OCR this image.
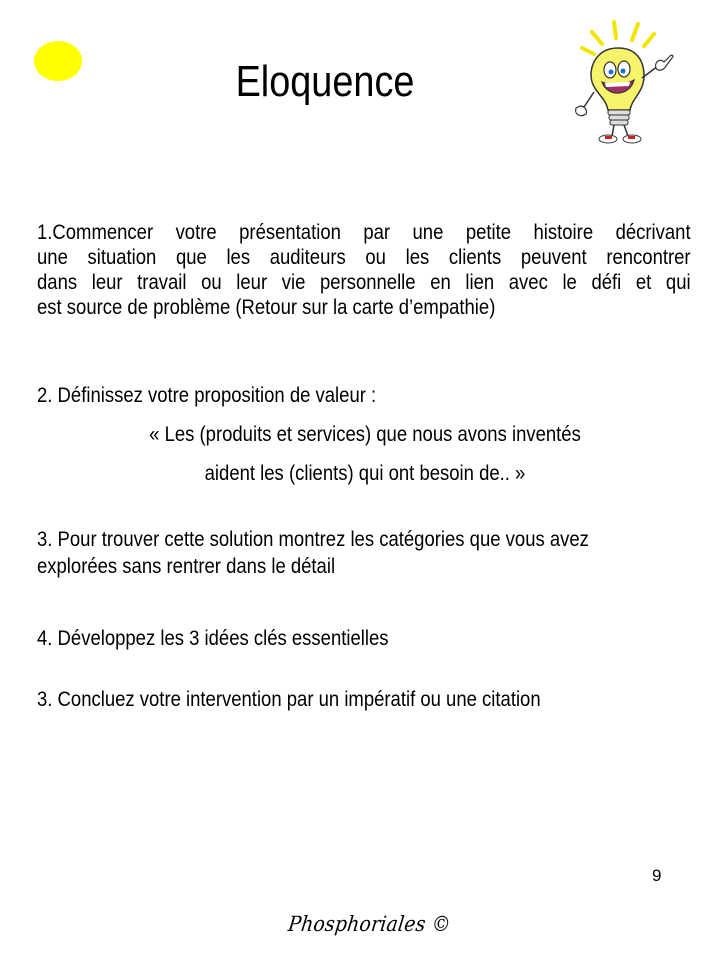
Eloquence
1.Commencer votre présentation par une petite histoire décrivant
une situation que les auditeurs ou les clients peuvent rencontrer
dans leur travail ou leur vie personnelle en lien avec le défi et qui
est source de problème (Retour sur la carte d’empathie)
2. Définissez votre proposition de valeur :
« Les (produits et services) que nous avons inventés
aident les (clients) qui ont besoin de.. »
3. Pour trouver cette solution montrez les catégories que vous avez
explorées sans rentrer dans le détail
4. Développez les 3 idées clés essentielles
3. Concluez votre intervention par un impératif ou une citation
9
Phosphoriales ©
